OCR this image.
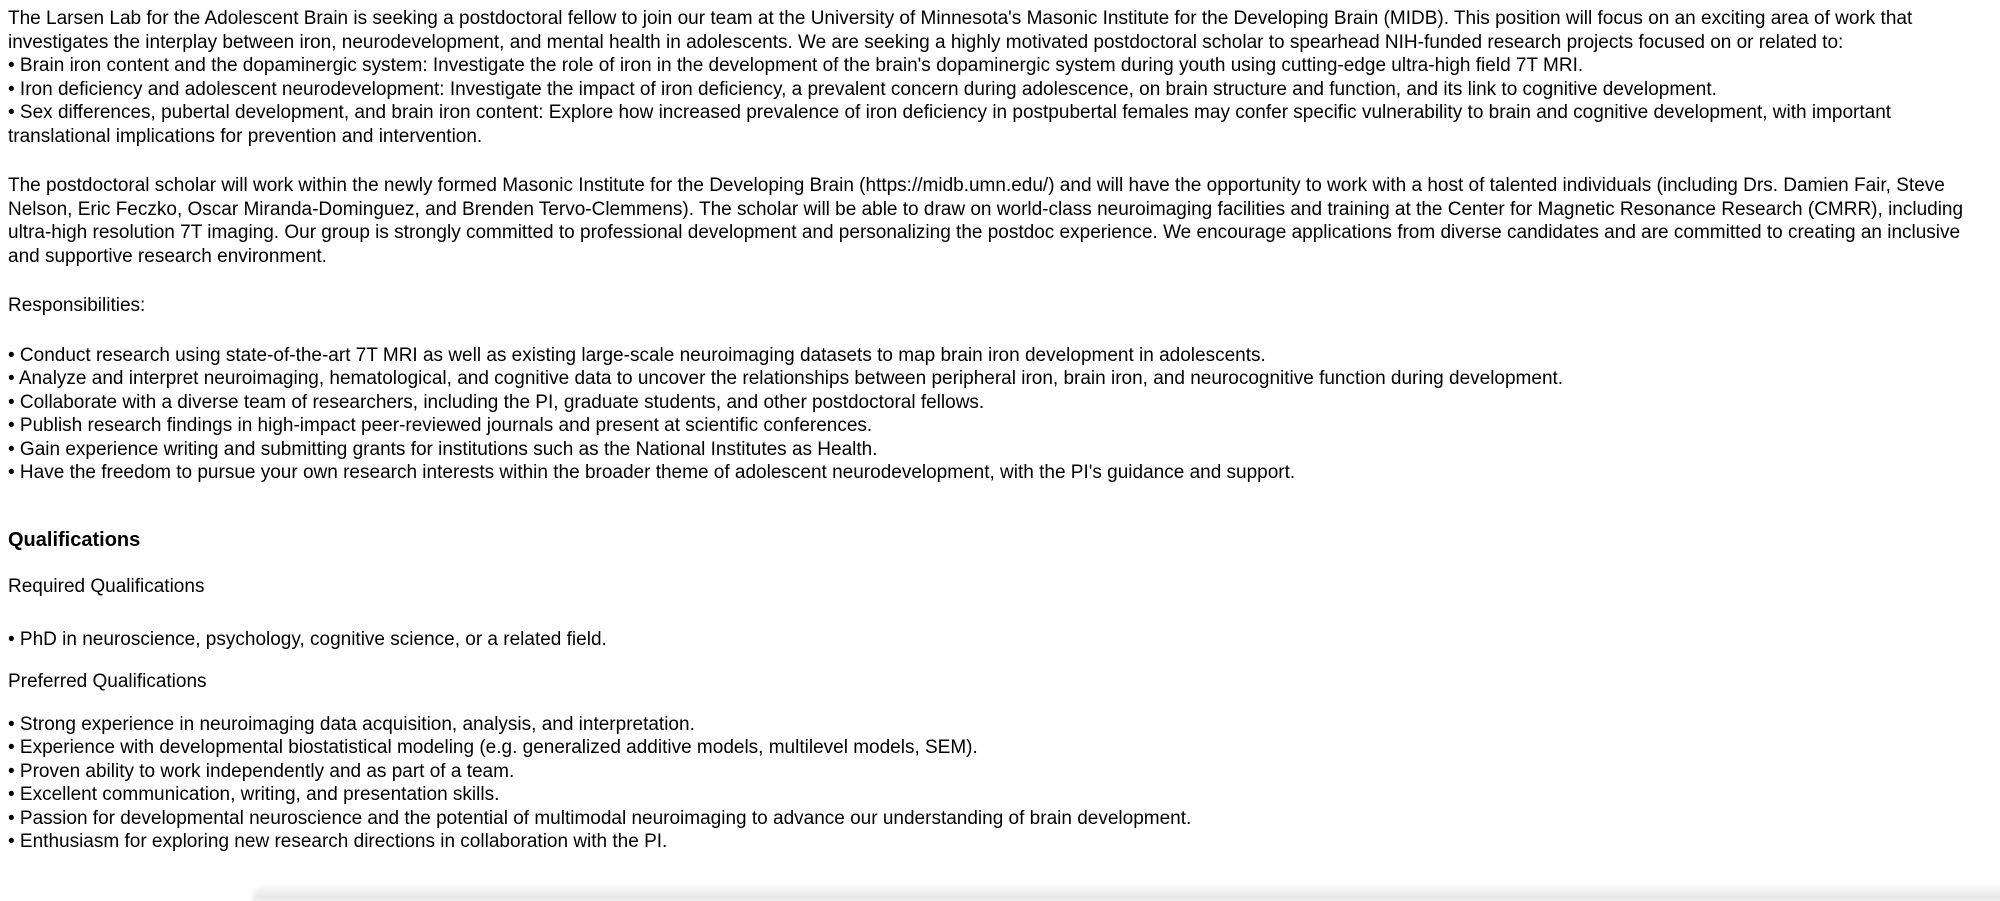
The Larsen Lab for the Adolescent Brain is seeking a postdoctoral fellow to join our team at the University of Minnesota's Masonic Institute for the Developing Brain (MIDB). This position will focus on an exciting area of work that investigates the interplay between iron, neurodevelopment, and mental health in adolescents. We are seeking a highly motivated postdoctoral scholar to spearhead NIH-funded research projects focused on or related to:

• Brain iron content and the dopaminergic system: Investigate the role of iron in the development of the brain's dopaminergic system during youth using cutting-edge ultra-high field 7T MRI.

• Iron deficiency and adolescent neurodevelopment: Investigate the impact of iron deficiency, a prevalent concern during adolescence, on brain structure and function, and its link to cognitive development.

• Sex differences, pubertal development, and brain iron content: Explore how increased prevalence of iron deficiency in postpubertal females may confer specific vulnerability to brain and cognitive development, with important translational implications for prevention and intervention.

The postdoctoral scholar will work within the newly formed Masonic Institute for the Developing Brain (https://midb.umn.edu/) and will have the opportunity to work with a host of talented individuals (including Drs. Damien Fair, Steve Nelson, Eric Feczko, Oscar Miranda-Dominguez, and Brenden Tervo-Clemmens). The scholar will be able to draw on world-class neuroimaging facilities and training at the Center for Magnetic Resonance Research (CMRR), including ultra-high resolution 7T imaging. Our group is strongly committed to professional development and personalizing the postdoc experience. We encourage applications from diverse candidates and are committed to creating an inclusive and supportive research environment.

Responsibilities:

• Conduct research using state-of-the-art 7T MRI as well as existing large-scale neuroimaging datasets to map brain iron development in adolescents.

• Analyze and interpret neuroimaging, hematological, and cognitive data to uncover the relationships between peripheral iron, brain iron, and neurocognitive function during development.

• Collaborate with a diverse team of researchers, including the PI, graduate students, and other postdoctoral fellows.

• Publish research findings in high-impact peer-reviewed journals and present at scientific conferences.

• Gain experience writing and submitting grants for institutions such as the National Institutes as Health.

• Have the freedom to pursue your own research interests within the broader theme of adolescent neurodevelopment, with the PI's guidance and support.

Qualifications

Required Qualifications

• PhD in neuroscience, psychology, cognitive science, or a related field.

Preferred Qualifications

• Strong experience in neuroimaging data acquisition, analysis, and interpretation.

• Experience with developmental biostatistical modeling (e.g. generalized additive models, multilevel models, SEM).

• Proven ability to work independently and as part of a team.

• Excellent communication, writing, and presentation skills.

• Passion for developmental neuroscience and the potential of multimodal neuroimaging to advance our understanding of brain development.

• Enthusiasm for exploring new research directions in collaboration with the PI.
